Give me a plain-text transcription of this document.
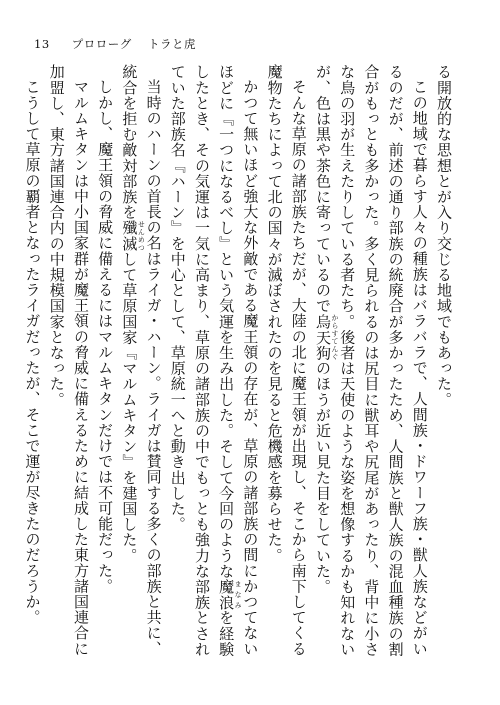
13 プロローグ トラと虎

る開放的な思想とが入り交じる地域でもあった。

この地域で暮らす人々の種族はバラバラで、人間族・ドワーフ族・獣人族などがいるのだが、前述の通り部族の統廃合が多かったため、人間族と獣人族の混血種族の割合がもっとも多かった。多く見られるのは尻目に獣耳や尻尾があったり、背中に小さな鳥の羽が生えたりしている者たち。後者は天使のような姿を想像するかも知れないが、色は黒や茶色に寄っているので烏天狗 からすてんぐのほうが近い見た目をしていた。

そんな草原の諸部族たちだが、大陸の北に魔王領が出現し、そこから南下してくる魔物たちによって北の国々が滅ぼされたのを見ると危機感を募らせた。

かつて無いほど強大な外敵である魔王領の存在が、草原の諸部族の間にかつてないほどに『一つになるべし』という気運を生み出した。そして今回のような魔浪 まなみを経験したとき、その気運は一気に高まり、草原の諸部族の中でもっとも強力な部族とされていた部族名『ハーン』を中心として、草原統一へと動き出した。

当時のハーンの首長の名はライガ・ハーン。ライガは賛同する多くの部族と共に、統合を拒む敵対部族を殲滅 せんめつして草原国家『マルムキタン』を建国した。

しかし、魔王領の脅威に備えるにはマルムキタンだけでは不可能だった。

マルムキタンは中小国家群が魔王領の脅威に備えるために結成した東方諸国連合に加盟し、東方諸国連合内の中規模国家となった。

こうして草原の覇者となったライガだったが、そこで運が尽きたのだろうか。
